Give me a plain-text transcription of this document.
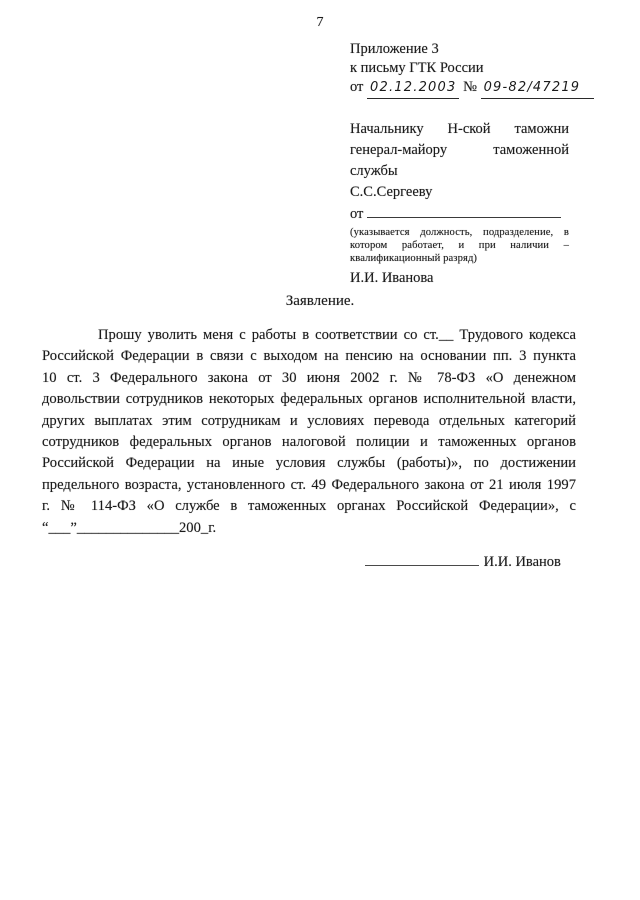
7
Приложение 3
к письму ГТК России
от 02.12.2003 № 09-82/47219
Начальнику Н-ской таможни
генерал-майору таможенной
службы
С.С.Сергееву
от
(указывается должность, подразделение, в котором работает, и при наличии – квалификационный разряд)
И.И. Иванова
Заявление.

Прошу уволить меня с работы в соответствии со ст.__ Трудового кодекса Российской Федерации в связи с выходом на пенсию на основании пп. 3 пункта 10 ст. 3 Федерального закона от 30 июня 2002 г. № 78-ФЗ «О денежном довольствии сотрудников некоторых федеральных органов исполнительной власти, других выплатах этим сотрудникам и условиях перевода отдельных категорий сотрудников федеральных органов налоговой полиции и таможенных органов Российской Федерации на иные условия службы (работы)», по достижении предельного возраста, установленного ст. 49 Федерального закона от 21 июля 1997 г. № 114-ФЗ «О службе в таможенных органах Российской Федерации», с “___”______________200_г.

И.И. Иванов
